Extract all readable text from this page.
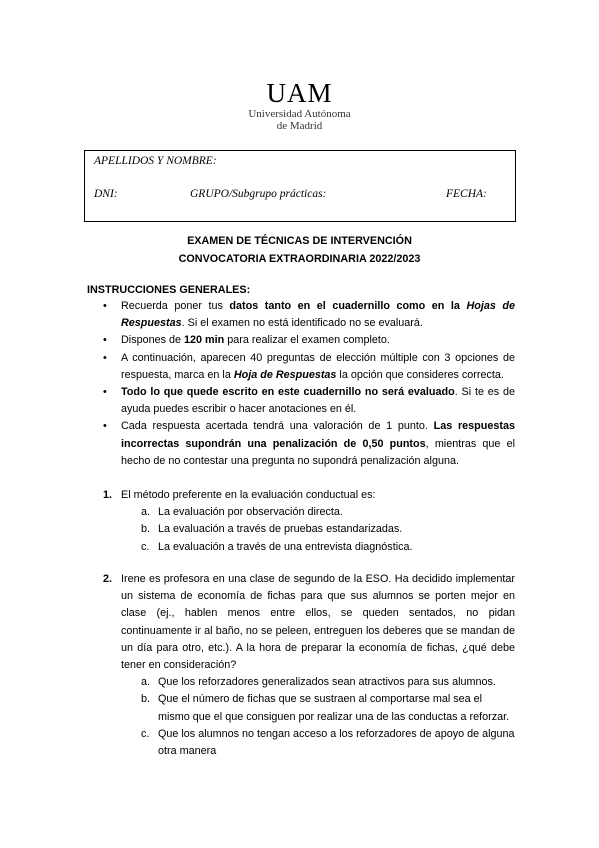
UAM
Universidad Autónoma
de Madrid
APELLIDOS Y NOMBRE:
DNI:	GRUPO/Subgrupo prácticas:	FECHA:
EXAMEN DE TÉCNICAS DE INTERVENCIÓN
CONVOCATORIA EXTRAORDINARIA 2022/2023
INSTRUCCIONES GENERALES:
• Recuerda poner tus datos tanto en el cuadernillo como en la Hojas de Respuestas. Si el examen no está identificado no se evaluará.
• Dispones de 120 min para realizar el examen completo.
• A continuación, aparecen 40 preguntas de elección múltiple con 3 opciones de respuesta, marca en la Hoja de Respuestas la opción que consideres correcta.
• Todo lo que quede escrito en este cuadernillo no será evaluado. Si te es de ayuda puedes escribir o hacer anotaciones en él.
• Cada respuesta acertada tendrá una valoración de 1 punto. Las respuestas incorrectas supondrán una penalización de 0,50 puntos, mientras que el hecho de no contestar una pregunta no supondrá penalización alguna.
1. El método preferente en la evaluación conductual es:
a. La evaluación por observación directa.
b. La evaluación a través de pruebas estandarizadas.
c. La evaluación a través de una entrevista diagnóstica.
2. Irene es profesora en una clase de segundo de la ESO. Ha decidido implementar un sistema de economía de fichas para que sus alumnos se porten mejor en clase (ej., hablen menos entre ellos, se queden sentados, no pidan continuamente ir al baño, no se peleen, entreguen los deberes que se mandan de un día para otro, etc.). A la hora de preparar la economía de fichas, ¿qué debe tener en consideración?
a. Que los reforzadores generalizados sean atractivos para sus alumnos.
b. Que el número de fichas que se sustraen al comportarse mal sea el mismo que el que consiguen por realizar una de las conductas a reforzar.
c. Que los alumnos no tengan acceso a los reforzadores de apoyo de alguna otra manera
